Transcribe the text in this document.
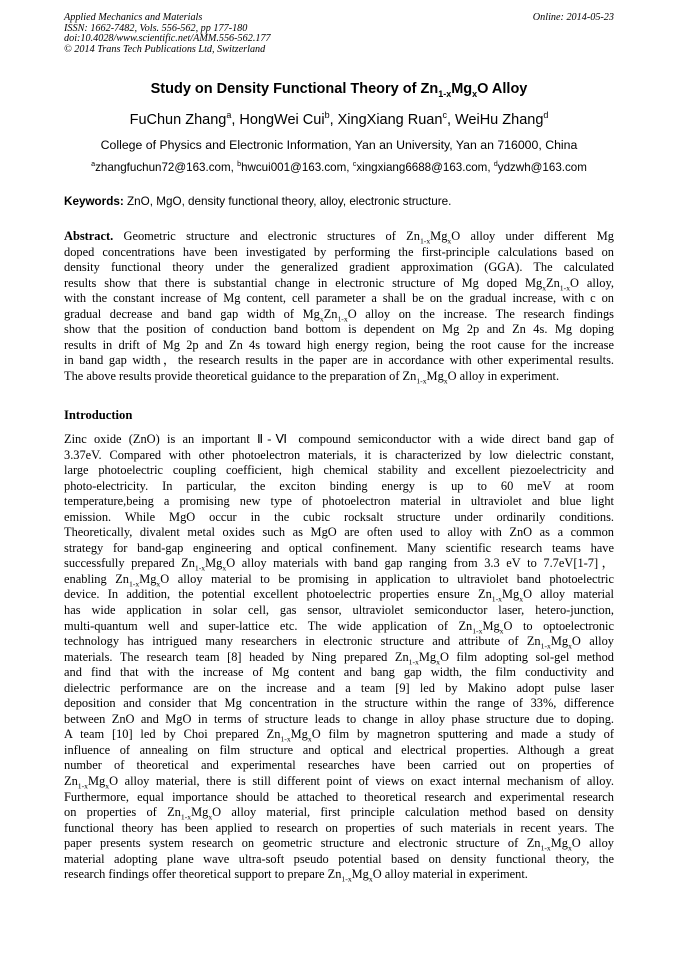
Applied Mechanics and Materials
ISSN: 1662-7482, Vols. 556-562, pp 177-180
doi:10.4028/www.scientific.net/AMM.556-562.177
© 2014 Trans Tech Publications Ltd, Switzerland
Online: 2014-05-23
Study on Density Functional Theory of $Zn_{1-x}Mg_xO$ Alloy
FuChun Zhang$^a$, HongWei Cui$^b$, XingXiang Ruan$^c$, WeiHu Zhang$^d$
College of Physics and Electronic Information, Yan an University, Yan an 716000, China
$^a$zhangfuchun72@163.com, $^b$hwcui001@163.com, $^c$xingxiang6688@163.com, $^d$ydzwh@163.com
Keywords: ZnO, MgO, density functional theory, alloy, electronic structure.
Abstract. Geometric structure and electronic structures of $Zn_{1-x}Mg_xO$ alloy under different Mg
doped concentrations have been investigated by performing the first-principle calculations based on
density functional theory under the generalized gradient approximation (GGA). The calculated
results show that there is substantial change in electronic structure of Mg doped $Mg_xZn_{1-x}O$ alloy,
with the constant increase of Mg content, cell parameter a shall be on the gradual increase, with c on
gradual decrease and band gap width of $Mg_xZn_{1-x}O$ alloy on the increase. The research findings
show that the position of conduction band bottom is dependent on Mg 2p and Zn 4s. Mg doping
results in drift of Mg 2p and Zn 4s toward high energy region, being the root cause for the increase
in band gap width，the research results in the paper are in accordance with other experimental results.
The above results provide theoretical guidance to the preparation of $Zn_{1-x}Mg_xO$ alloy in experiment.
Introduction
Zinc oxide (ZnO) is an important Ⅱ-Ⅵ compound semiconductor with a wide direct band gap of
3.37eV. Compared with other photoelectron materials, it is characterized by low dielectric constant,
large photoelectric coupling coefficient, high chemical stability and excellent piezoelectricity and
photo-electricity. In particular, the exciton binding energy is up to 60 meV at room
temperature,being a promising new type of photoelectron material in ultraviolet and blue light
emission. While MgO occur in the cubic rocksalt structure under ordinarily conditions.
Theoretically, divalent metal oxides such as MgO are often used to alloy with ZnO as a common
strategy for band-gap engineering and optical confinement. Many scientific research teams have
successfully prepared $Zn_{1-x}Mg_xO$ alloy materials with band gap ranging from 3.3 eV to 7.7eV[1-7]，
enabling $Zn_{1-x}Mg_xO$ alloy material to be promising in application to ultraviolet band photoelectric
device. In addition, the potential excellent photoelectric properties ensure $Zn_{1-x}Mg_xO$ alloy material
has wide application in solar cell, gas sensor, ultraviolet semiconductor laser, hetero-junction,
multi-quantum well and super-lattice etc. The wide application of $Zn_{1-x}Mg_xO$ to optoelectronic
technology has intrigued many researchers in electronic structure and attribute of $Zn_{1-x}Mg_xO$ alloy
materials. The research team [8] headed by Ning prepared $Zn_{1-x}Mg_xO$ film adopting sol-gel method
and find that with the increase of Mg content and bang gap width, the film conductivity and
dielectric performance are on the increase and a team [9] led by Makino adopt pulse laser
deposition and consider that Mg concentration in the structure within the range of 33%, difference
between ZnO and MgO in terms of structure leads to change in alloy phase structure due to doping.
A team [10] led by Choi prepared $Zn_{1-x}Mg_xO$ film by magnetron sputtering and made a study of
influence of annealing on film structure and optical and electrical properties. Although a great
number of theoretical and experimental researches have been carried out on properties of
$Zn_{1-x}Mg_xO$ alloy material, there is still different point of views on exact internal mechanism of alloy.
Furthermore, equal importance should be attached to theoretical research and experimental research
on properties of $Zn_{1-x}Mg_xO$ alloy material, first principle calculation method based on density
functional theory has been applied to research on properties of such materials in recent years. The
paper presents system research on geometric structure and electronic structure of $Zn_{1-x}Mg_xO$ alloy
material adopting plane wave ultra-soft pseudo potential based on density functional theory, the
research findings offer theoretical support to prepare $Zn_{1-x}Mg_xO$ alloy material in experiment.
